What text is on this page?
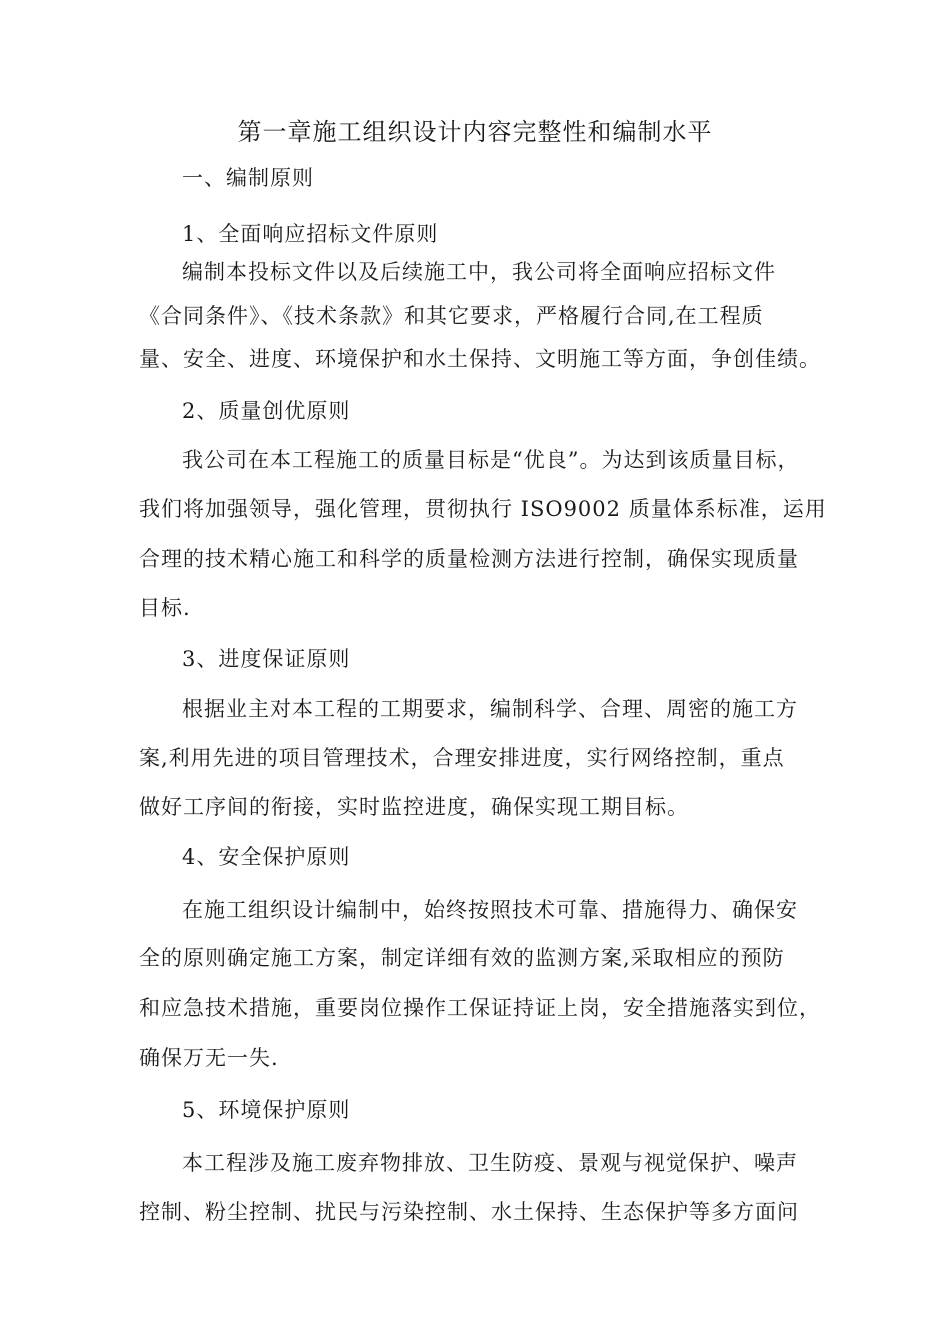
第一章施工组织设计内容完整性和编制水平
一、编制原则
1、全面响应招标文件原则
编制本投标文件以及后续施工中，我公司将全面响应招标文件
《合同条件》、《技术条款》和其它要求，严格履行合同,在工程质
量、安全、进度、环境保护和水土保持、文明施工等方面，争创佳绩。
2、质量创优原则
我公司在本工程施工的质量目标是“优良”。为达到该质量目标，
我们将加强领导，强化管理，贯彻执行 ISO9002 质量体系标准，运用
合理的技术精心施工和科学的质量检测方法进行控制，确保实现质量
目标.
3、进度保证原则
根据业主对本工程的工期要求，编制科学、合理、周密的施工方
案,利用先进的项目管理技术，合理安排进度，实行网络控制，重点
做好工序间的衔接，实时监控进度，确保实现工期目标。
4、安全保护原则
在施工组织设计编制中，始终按照技术可靠、措施得力、确保安
全的原则确定施工方案，制定详细有效的监测方案,采取相应的预防
和应急技术措施，重要岗位操作工保证持证上岗，安全措施落实到位，
确保万无一失.
5、环境保护原则
本工程涉及施工废弃物排放、卫生防疫、景观与视觉保护、噪声
控制、粉尘控制、扰民与污染控制、水土保持、生态保护等多方面问
